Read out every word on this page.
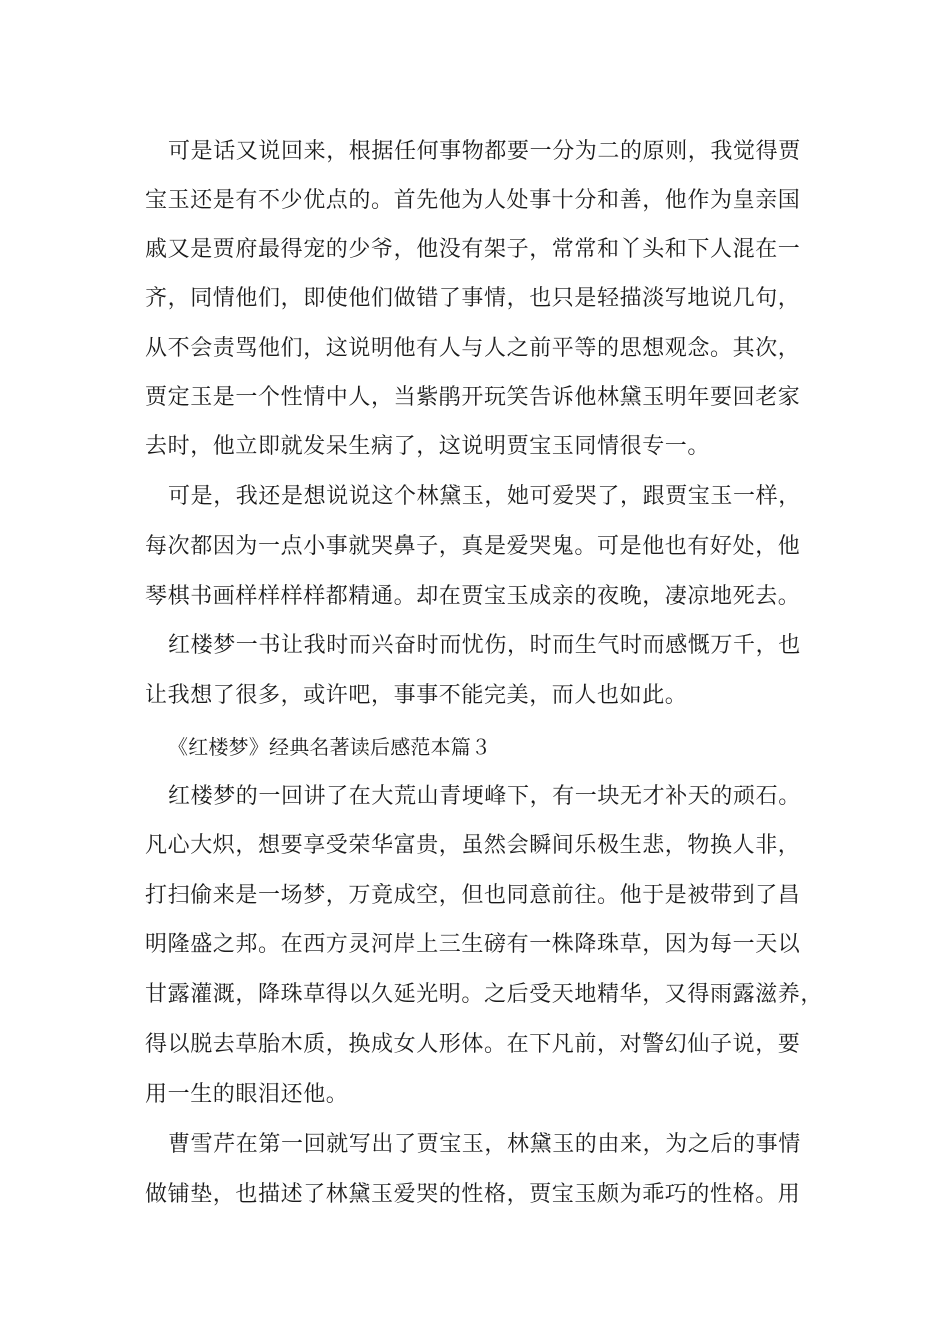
可是话又说回来，根据任何事物都要一分为二的原则，我觉得贾
宝玉还是有不少优点的。首先他为人处事十分和善，他作为皇亲国
戚又是贾府最得宠的少爷，他没有架子，常常和丫头和下人混在一
齐，同情他们，即使他们做错了事情，也只是轻描淡写地说几句，
从不会责骂他们，这说明他有人与人之前平等的思想观念。其次，
贾定玉是一个性情中人，当紫鹃开玩笑告诉他林黛玉明年要回老家
去时，他立即就发呆生病了，这说明贾宝玉同情很专一。
可是，我还是想说说这个林黛玉，她可爱哭了，跟贾宝玉一样，
每次都因为一点小事就哭鼻子，真是爱哭鬼。可是他也有好处，他
琴棋书画样样样样都精通。却在贾宝玉成亲的夜晚，凄凉地死去。
红楼梦一书让我时而兴奋时而忧伤，时而生气时而感慨万千，也
让我想了很多，或许吧，事事不能完美，而人也如此。
《红楼梦》经典名著读后感范本篇３
红楼梦的一回讲了在大荒山青埂峰下，有一块无才补天的顽石。
凡心大炽，想要享受荣华富贵，虽然会瞬间乐极生悲，物换人非，
打扫偷来是一场梦，万竟成空，但也同意前往。他于是被带到了昌
明隆盛之邦。在西方灵河岸上三生磅有一株降珠草，因为每一天以
甘露灌溉，降珠草得以久延光明。之后受天地精华，又得雨露滋养，
得以脱去草胎木质，换成女人形体。在下凡前，对警幻仙子说，要
用一生的眼泪还他。
曹雪芹在第一回就写出了贾宝玉，林黛玉的由来，为之后的事情
做铺垫，也描述了林黛玉爱哭的性格，贾宝玉颇为乖巧的性格。用
